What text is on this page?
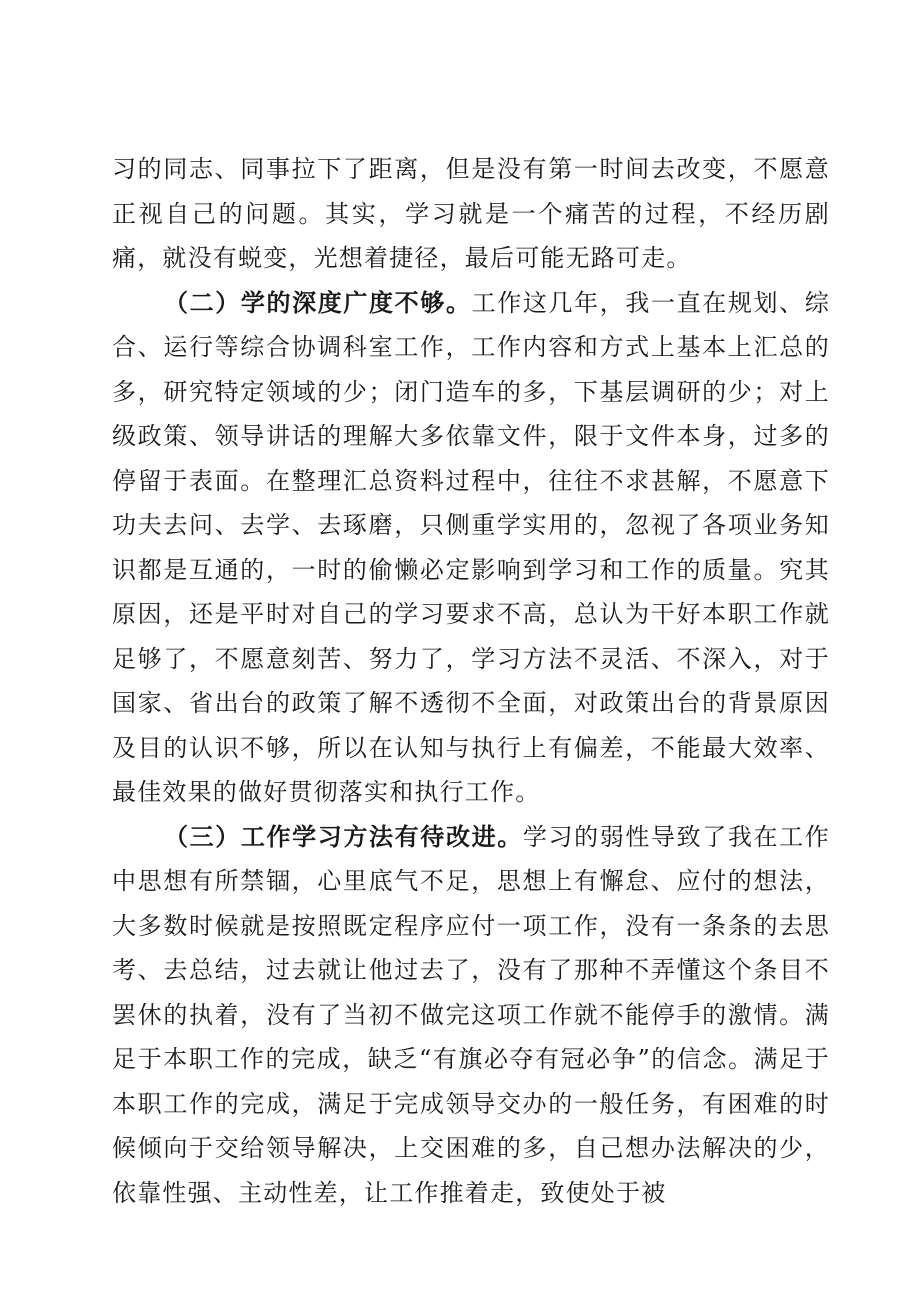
习的同志、同事拉下了距离，但是没有第一时间去改变，不愿意正视自己的问题。其实，学习就是一个痛苦的过程，不经历剧痛，就没有蜕变，光想着捷径，最后可能无路可走。

（二）学的深度广度不够。工作这几年，我一直在规划、综合、运行等综合协调科室工作，工作内容和方式上基本上汇总的多，研究特定领域的少；闭门造车的多，下基层调研的少；对上级政策、领导讲话的理解大多依靠文件，限于文件本身，过多的停留于表面。在整理汇总资料过程中，往往不求甚解，不愿意下功夫去问、去学、去琢磨，只侧重学实用的，忽视了各项业务知识都是互通的，一时的偷懒必定影响到学习和工作的质量。究其原因，还是平时对自己的学习要求不高，总认为干好本职工作就足够了，不愿意刻苦、努力了，学习方法不灵活、不深入，对于国家、省出台的政策了解不透彻不全面，对政策出台的背景原因及目的认识不够，所以在认知与执行上有偏差，不能最大效率、最佳效果的做好贯彻落实和执行工作。

（三）工作学习方法有待改进。学习的弱性导致了我在工作中思想有所禁锢，心里底气不足，思想上有懈怠、应付的想法，大多数时候就是按照既定程序应付一项工作，没有一条条的去思考、去总结，过去就让他过去了，没有了那种不弄懂这个条目不罢休的执着，没有了当初不做完这项工作就不能停手的激情。满足于本职工作的完成，缺乏“有旗必夺有冠必争”的信念。满足于本职工作的完成，满足于完成领导交办的一般任务，有困难的时候倾向于交给领导解决，上交困难的多，自己想办法解决的少，依靠性强、主动性差，让工作推着走，致使处于被
